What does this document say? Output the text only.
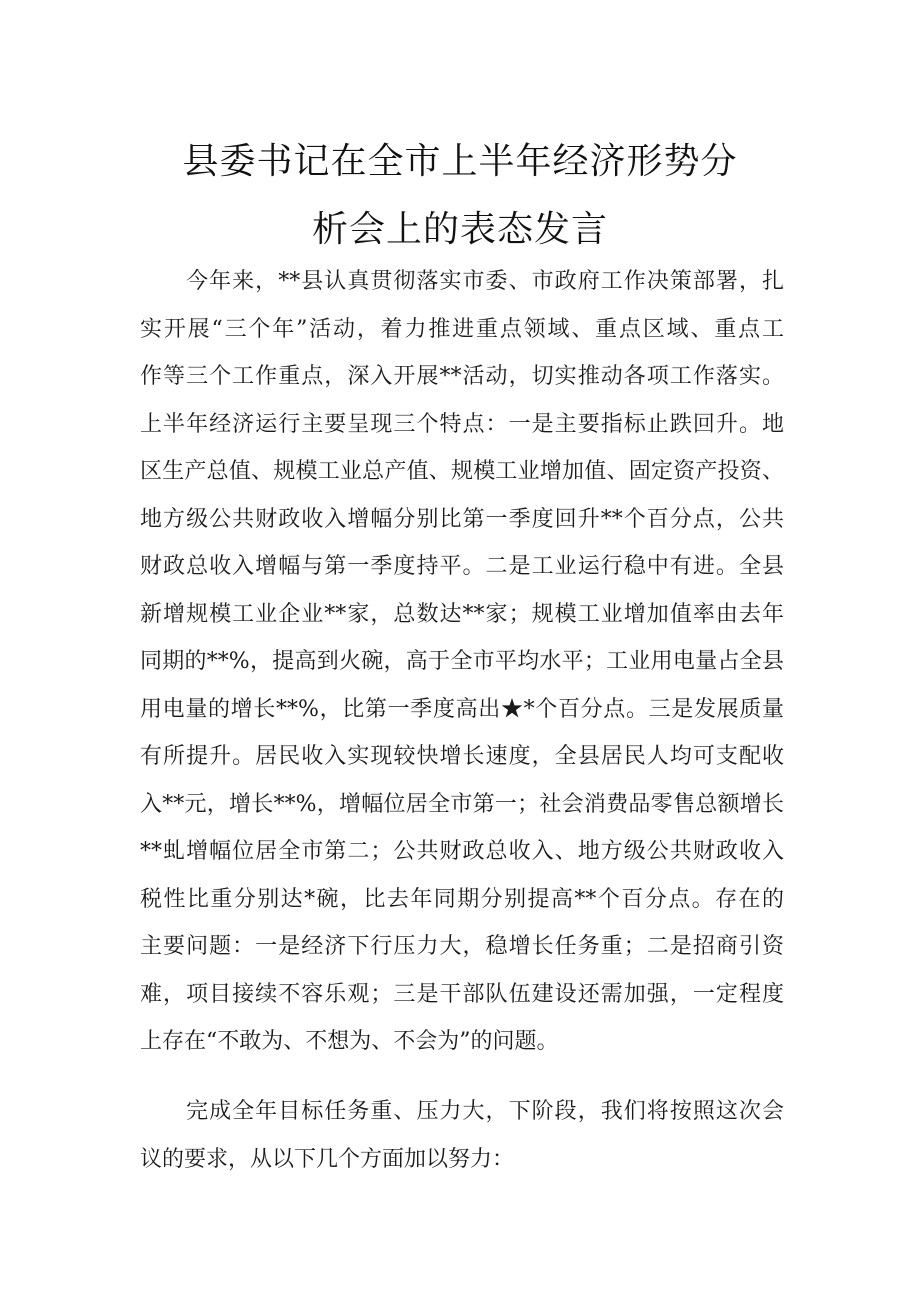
县委书记在全市上半年经济形势分
析会上的表态发言
　　今年来，**县认真贯彻落实市委、市政府工作决策部署，扎
实开展“三个年”活动，着力推进重点领域、重点区域、重点工
作等三个工作重点，深入开展**活动，切实推动各项工作落实。
上半年经济运行主要呈现三个特点：一是主要指标止跌回升。地
区生产总值、规模工业总产值、规模工业增加值、固定资产投资、
地方级公共财政收入增幅分别比第一季度回升**个百分点，公共
财政总收入增幅与第一季度持平。二是工业运行稳中有进。全县
新增规模工业企业**家，总数达**家；规模工业增加值率由去年
同期的**%，提高到火碗，高于全市平均水平；工业用电量占全县
用电量的增长**%，比第一季度高出★*个百分点。三是发展质量
有所提升。居民收入实现较快增长速度，全县居民人均可支配收
入**元，增长**%，增幅位居全市第一；社会消费品零售总额增长
**虬增幅位居全市第二；公共财政总收入、地方级公共财政收入
税性比重分别达*碗，比去年同期分别提高**个百分点。存在的
主要问题：一是经济下行压力大，稳增长任务重；二是招商引资
难，项目接续不容乐观；三是干部队伍建设还需加强，一定程度
上存在“不敢为、不想为、不会为”的问题。
　　完成全年目标任务重、压力大，下阶段，我们将按照这次会
议的要求，从以下几个方面加以努力：
